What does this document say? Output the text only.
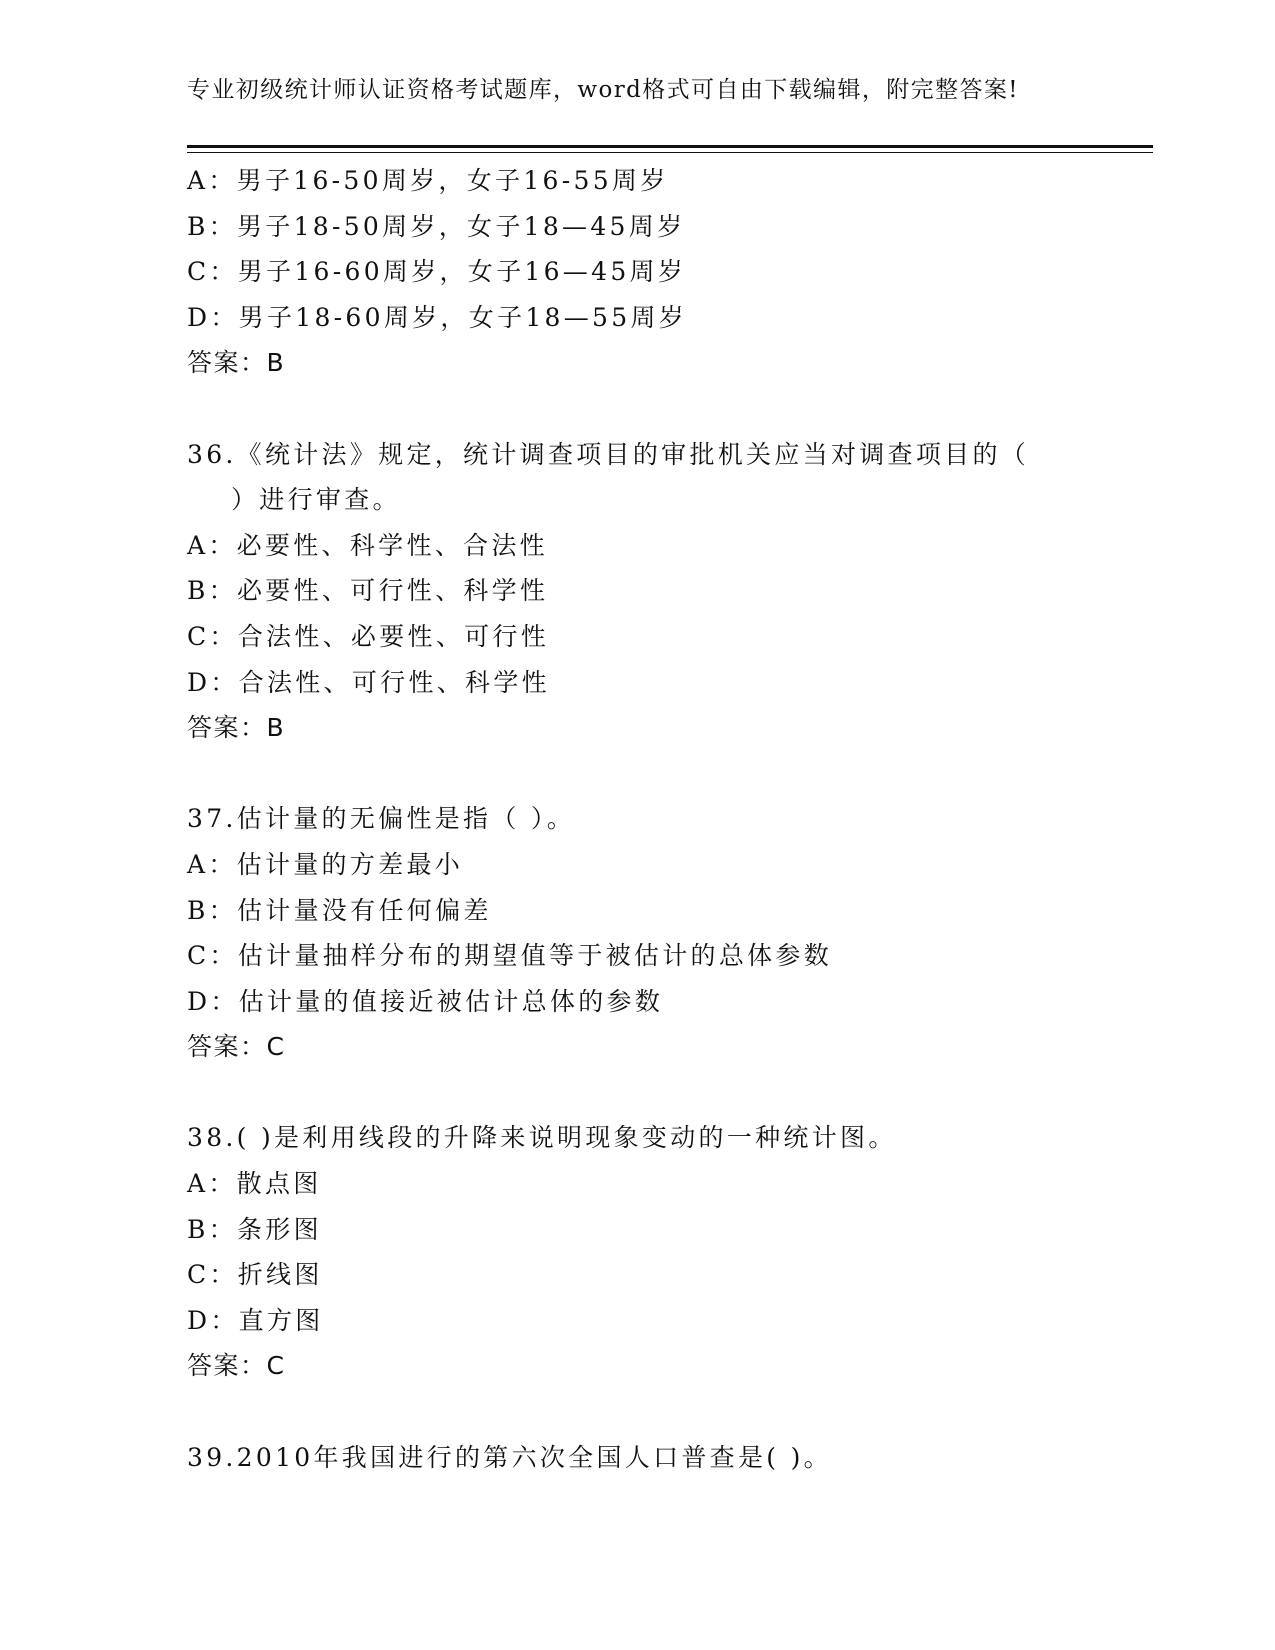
专业初级统计师认证资格考试题库，word格式可自由下载编辑，附完整答案!
A：男子16-50周岁，女子16-55周岁
B：男子18-50周岁，女子18—45周岁
C：男子16-60周岁，女子16—45周岁
D：男子18-60周岁，女子18—55周岁
答案：B
36.《统计法》规定，统计调查项目的审批机关应当对调查项目的（
）进行审查。
A：必要性、科学性、合法性
B：必要性、可行性、科学性
C：合法性、必要性、可行性
D：合法性、可行性、科学性
答案：B
37.估计量的无偏性是指（ ）。
A：估计量的方差最小
B：估计量没有任何偏差
C：估计量抽样分布的期望值等于被估计的总体参数
D：估计量的值接近被估计总体的参数
答案：C
38.( )是利用线段的升降来说明现象变动的一种统计图。
A：散点图
B：条形图
C：折线图
D：直方图
答案：C
39.2010年我国进行的第六次全国人口普查是( )。
